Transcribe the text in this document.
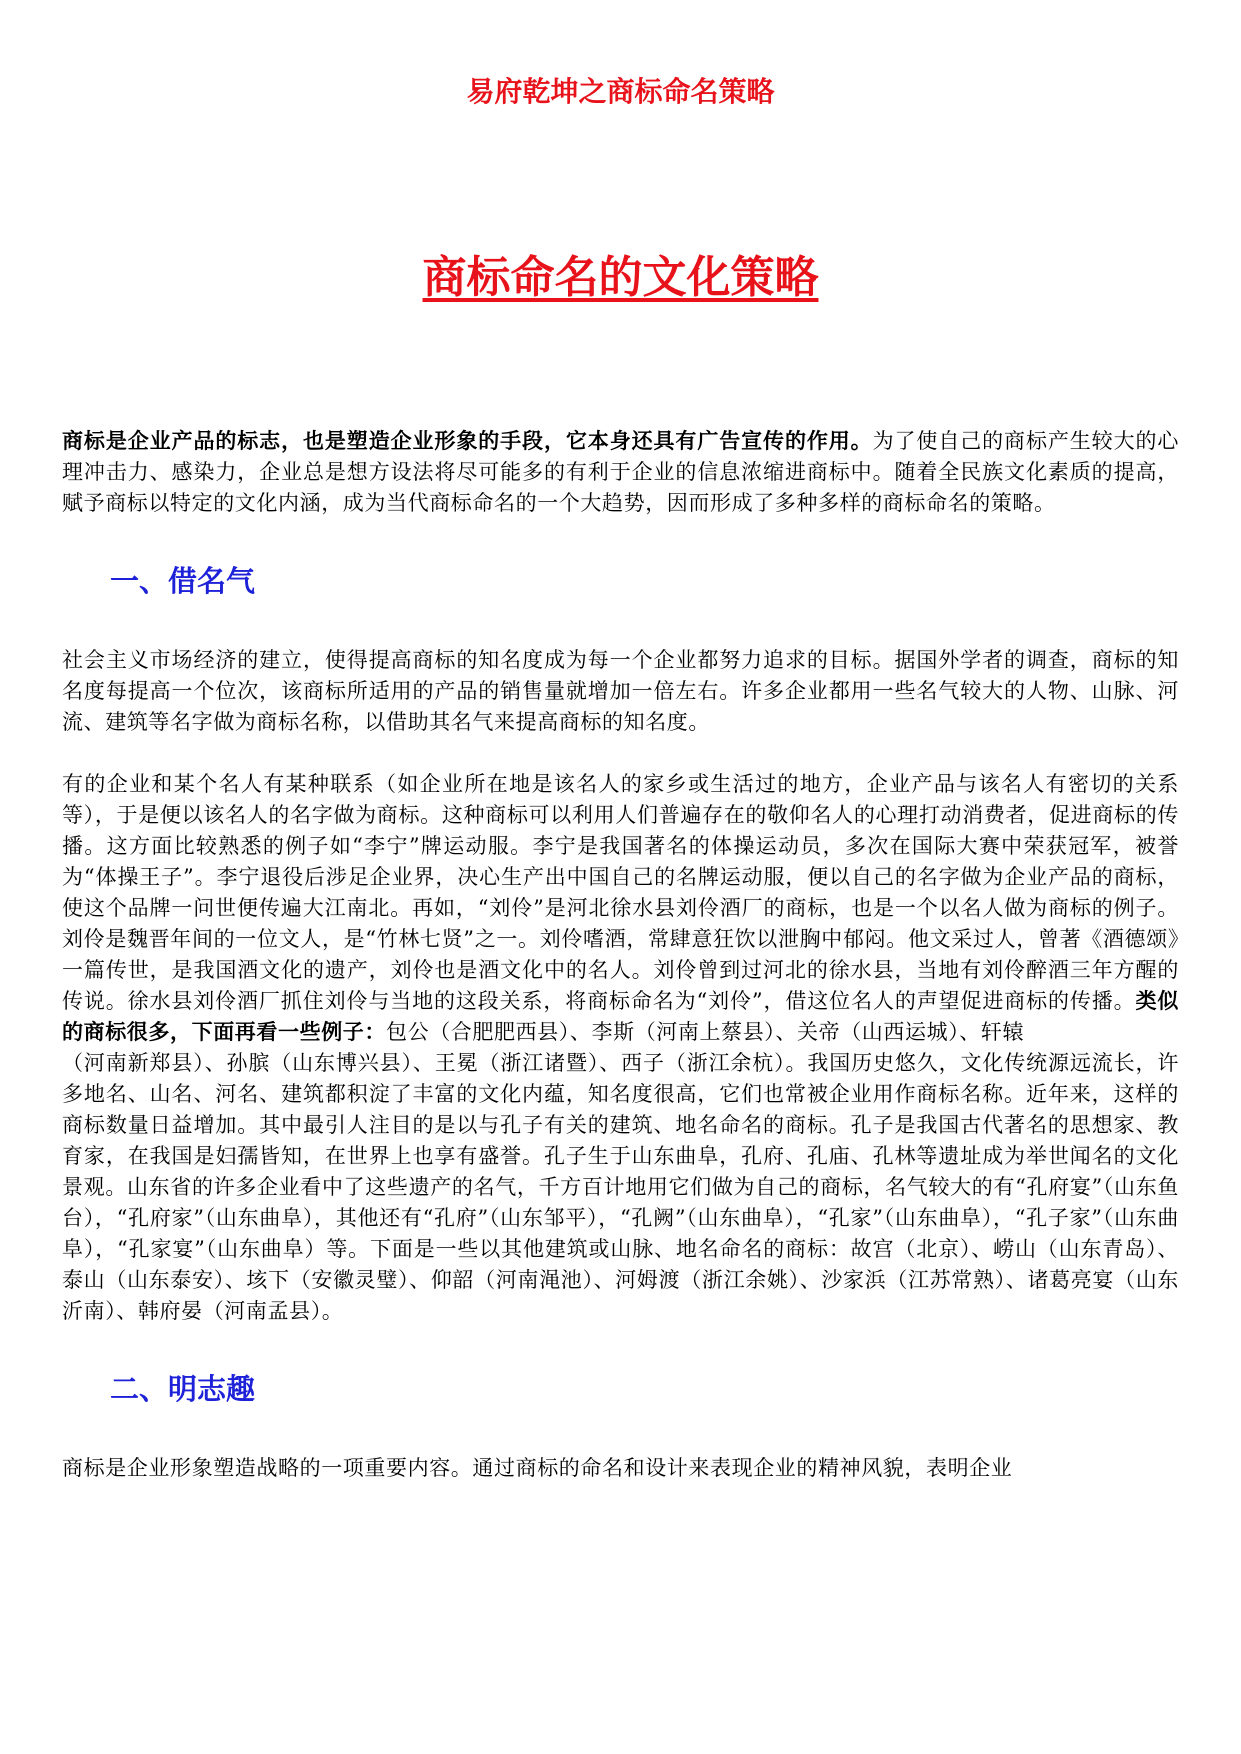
易府乾坤之商标命名策略
商标命名的文化策略

商标是企业产品的标志，也是塑造企业形象的手段，它本身还具有广告宣传的作用。为了使自己的商标产生较大的心理冲击力、感染力，企业总是想方设法将尽可能多的有利于企业的信息浓缩进商标中。随着全民族文化素质的提高，赋予商标以特定的文化内涵，成为当代商标命名的一个大趋势，因而形成了多种多样的商标命名的策略。

一、借名气

社会主义市场经济的建立，使得提高商标的知名度成为每一个企业都努力追求的目标。据国外学者的调查，商标的知名度每提高一个位次，该商标所适用的产品的销售量就增加一倍左右。许多企业都用一些名气较大的人物、山脉、河流、建筑等名字做为商标名称，以借助其名气来提高商标的知名度。

有的企业和某个名人有某种联系（如企业所在地是该名人的家乡或生活过的地方，企业产品与该名人有密切的关系等），于是便以该名人的名字做为商标。这种商标可以利用人们普遍存在的敬仰名人的心理打动消费者，促进商标的传播。这方面比较熟悉的例子如“李宁”牌运动服。李宁是我国著名的体操运动员，多次在国际大赛中荣获冠军，被誉为“体操王子”。李宁退役后涉足企业界，决心生产出中国自己的名牌运动服，便以自己的名字做为企业产品的商标，使这个品牌一问世便传遍大江南北。再如，“刘伶”是河北徐水县刘伶酒厂的商标，也是一个以名人做为商标的例子。刘伶是魏晋年间的一位文人，是“竹林七贤”之一。刘伶嗜酒，常肆意狂饮以泄胸中郁闷。他文采过人，曾著《酒德颂》一篇传世，是我国酒文化的遗产，刘伶也是酒文化中的名人。刘伶曾到过河北的徐水县，当地有刘伶醉酒三年方醒的传说。徐水县刘伶酒厂抓住刘伶与当地的这段关系，将商标命名为“刘伶”，借这位名人的声望促进商标的传播。类似的商标很多，下面再看一些例子：包公（合肥肥西县）、李斯（河南上蔡县）、关帝（山西运城）、轩辕

（河南新郑县）、孙膑（山东博兴县）、王冕（浙江诸暨）、西子（浙江余杭）。我国历史悠久，文化传统源远流长，许多地名、山名、河名、建筑都积淀了丰富的文化内蕴，知名度很高，它们也常被企业用作商标名称。近年来，这样的商标数量日益增加。其中最引人注目的是以与孔子有关的建筑、地名命名的商标。孔子是我国古代著名的思想家、教育家，在我国是妇孺皆知，在世界上也享有盛誉。孔子生于山东曲阜，孔府、孔庙、孔林等遗址成为举世闻名的文化景观。山东省的许多企业看中了这些遗产的名气，千方百计地用它们做为自己的商标，名气较大的有“孔府宴”（山东鱼台），“孔府家”（山东曲阜），其他还有“孔府”（山东邹平），“孔阙”（山东曲阜），“孔家”（山东曲阜），“孔子家”（山东曲阜），“孔家宴”（山东曲阜）等。下面是一些以其他建筑或山脉、地名命名的商标：故宫（北京）、崂山（山东青岛）、泰山（山东泰安）、垓下（安徽灵璧）、仰韶（河南渑池）、河姆渡（浙江余姚）、沙家浜（江苏常熟）、诸葛亮宴（山东沂南）、韩府晏（河南孟县）。

二、明志趣

商标是企业形象塑造战略的一项重要内容。通过商标的命名和设计来表现企业的精神风貌，表明企业
